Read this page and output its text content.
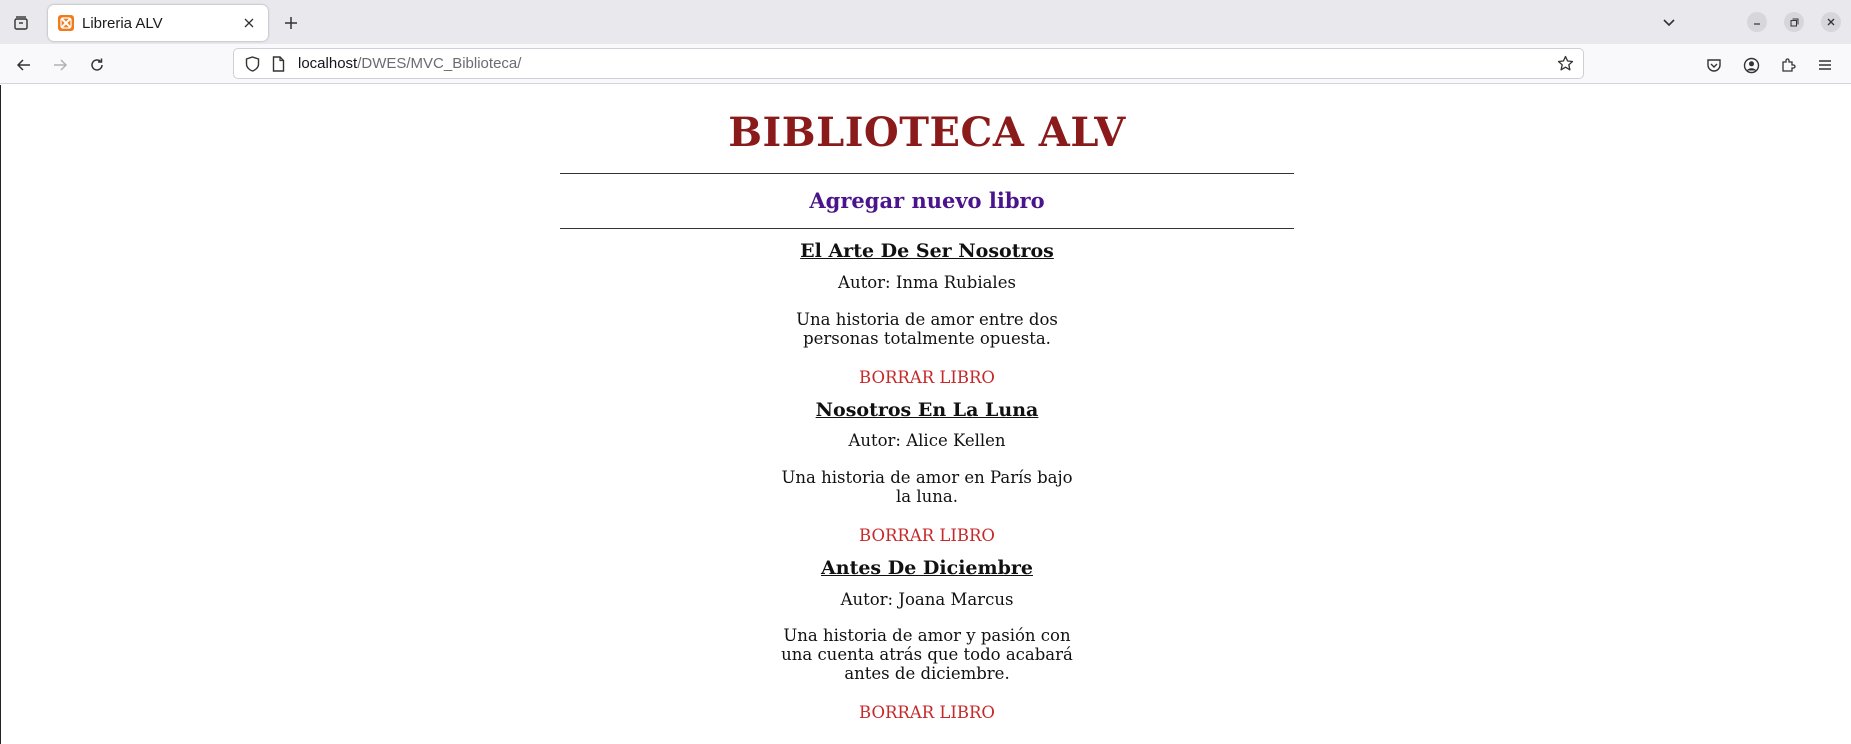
Libreria ALV
localhost/DWES/MVC_Biblioteca/
BIBLIOTECA ALV
Agregar nuevo libro
El Arte De Ser Nosotros
Autor: Inma Rubiales
Una historia de amor entre dos personas totalmente opuesta.
BORRAR LIBRO
Nosotros En La Luna
Autor: Alice Kellen
Una historia de amor en París bajo la luna.
BORRAR LIBRO
Antes De Diciembre
Autor: Joana Marcus
Una historia de amor y pasión con una cuenta atrás que todo acabará antes de diciembre.
BORRAR LIBRO
